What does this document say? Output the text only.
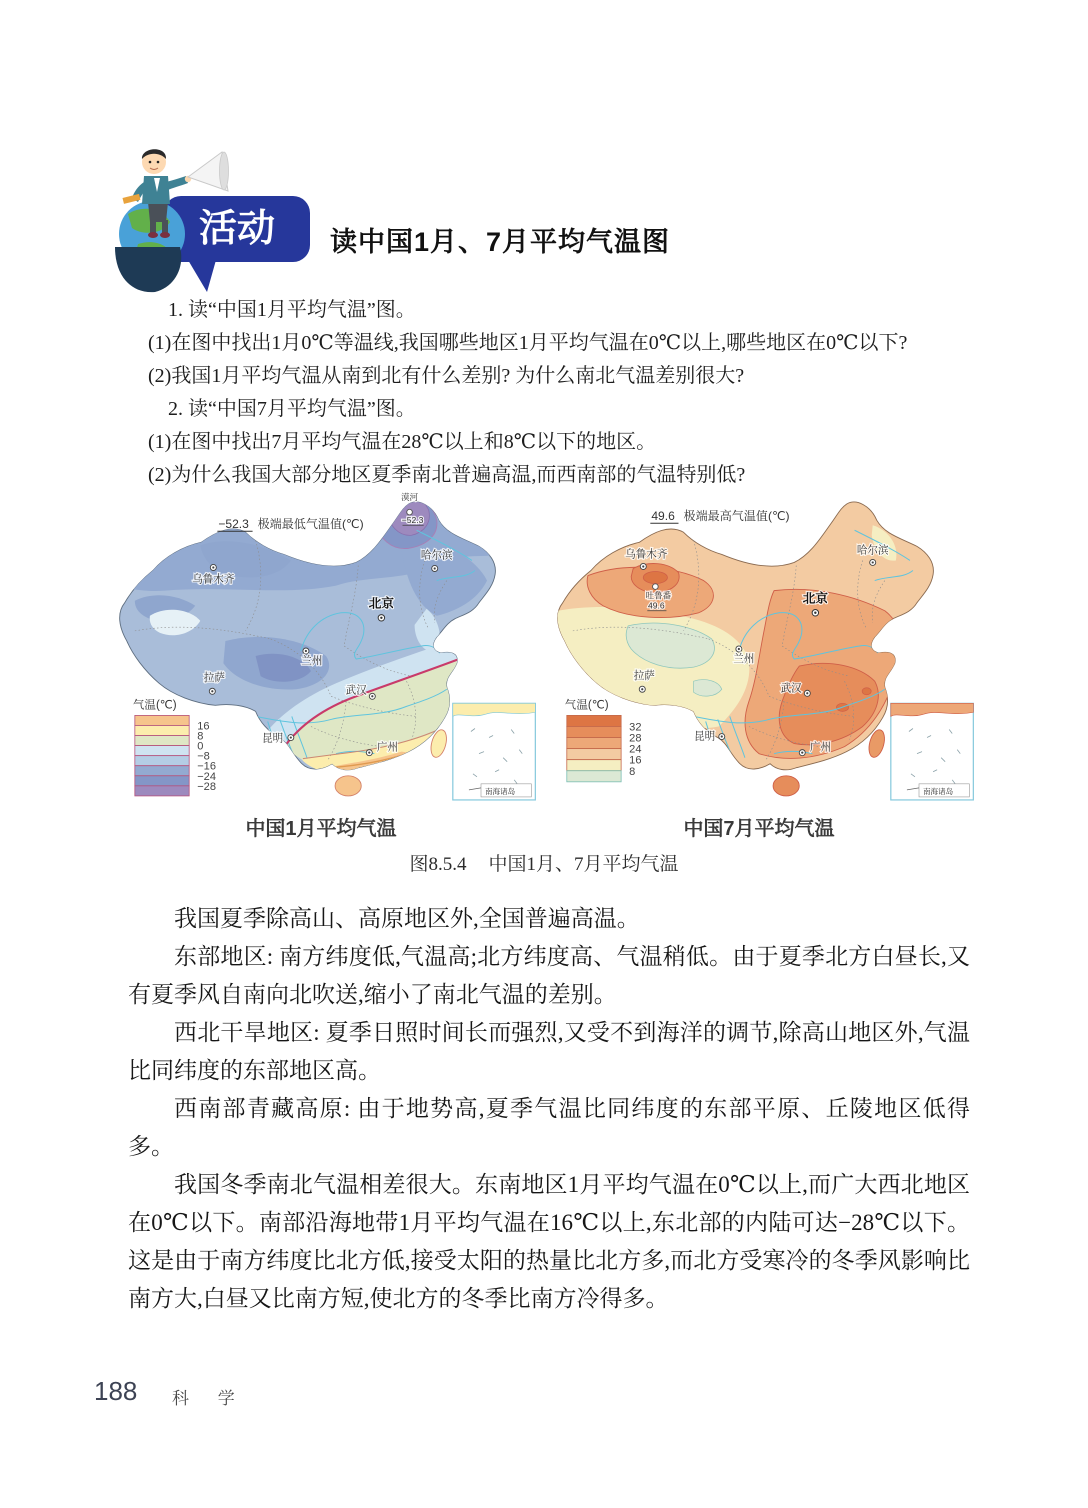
活动 读中国1月、7月平均气温图
1. 读“中国1月平均气温”图。
(1)在图中找出1月0℃等温线,我国哪些地区1月平均气温在0℃以上,哪些地区在0℃以下?
(2)我国1月平均气温从南到北有什么差别? 为什么南北气温差别很大?
2. 读“中国7月平均气温”图。
(1)在图中找出7月平均气温在28℃以上和8℃以下的地区。
(2)为什么我国大部分地区夏季南北普遍高温,而西南部的气温特别低?
−52.3 极端最低气温值(℃)
漠河
−52.3
乌鲁木齐
哈尔滨
北京
兰州
拉萨
武汉
昆明
广州
气温(℃)
16
8
0
−8
−16
−24
−28	南海诸岛
中国1月平均气温
49.6 极端最高气温值(℃)
吐鲁番
49.6
乌鲁木齐	哈尔滨
北京
兰州
拉萨
武汉
昆明
广州
气温(℃)
32
28
24
16
8
南海诸岛
中国7月平均气温
图8.5.4 中国1月、7月平均气温

我国夏季除高山、高原地区外,全国普遍高温。

东部地区: 南方纬度低,气温高;北方纬度高、气温稍低。由于夏季北方白昼长,又有夏季风自南向北吹送,缩小了南北气温的差别。

西北干旱地区: 夏季日照时间长而强烈,又受不到海洋的调节,除高山地区外,气温比同纬度的东部地区高。

西南部青藏高原: 由于地势高,夏季气温比同纬度的东部平原、丘陵地区低得多。

我国冬季南北气温相差很大。东南地区1月平均气温在0℃以上,而广大西北地区在0℃以下。南部沿海地带1月平均气温在16℃以上,东北部的内陆可达−28℃以下。这是由于南方纬度比北方低,接受太阳的热量比北方多,而北方受寒冷的冬季风影响比南方大,白昼又比南方短,使北方的冬季比南方冷得多。

188 科 学
